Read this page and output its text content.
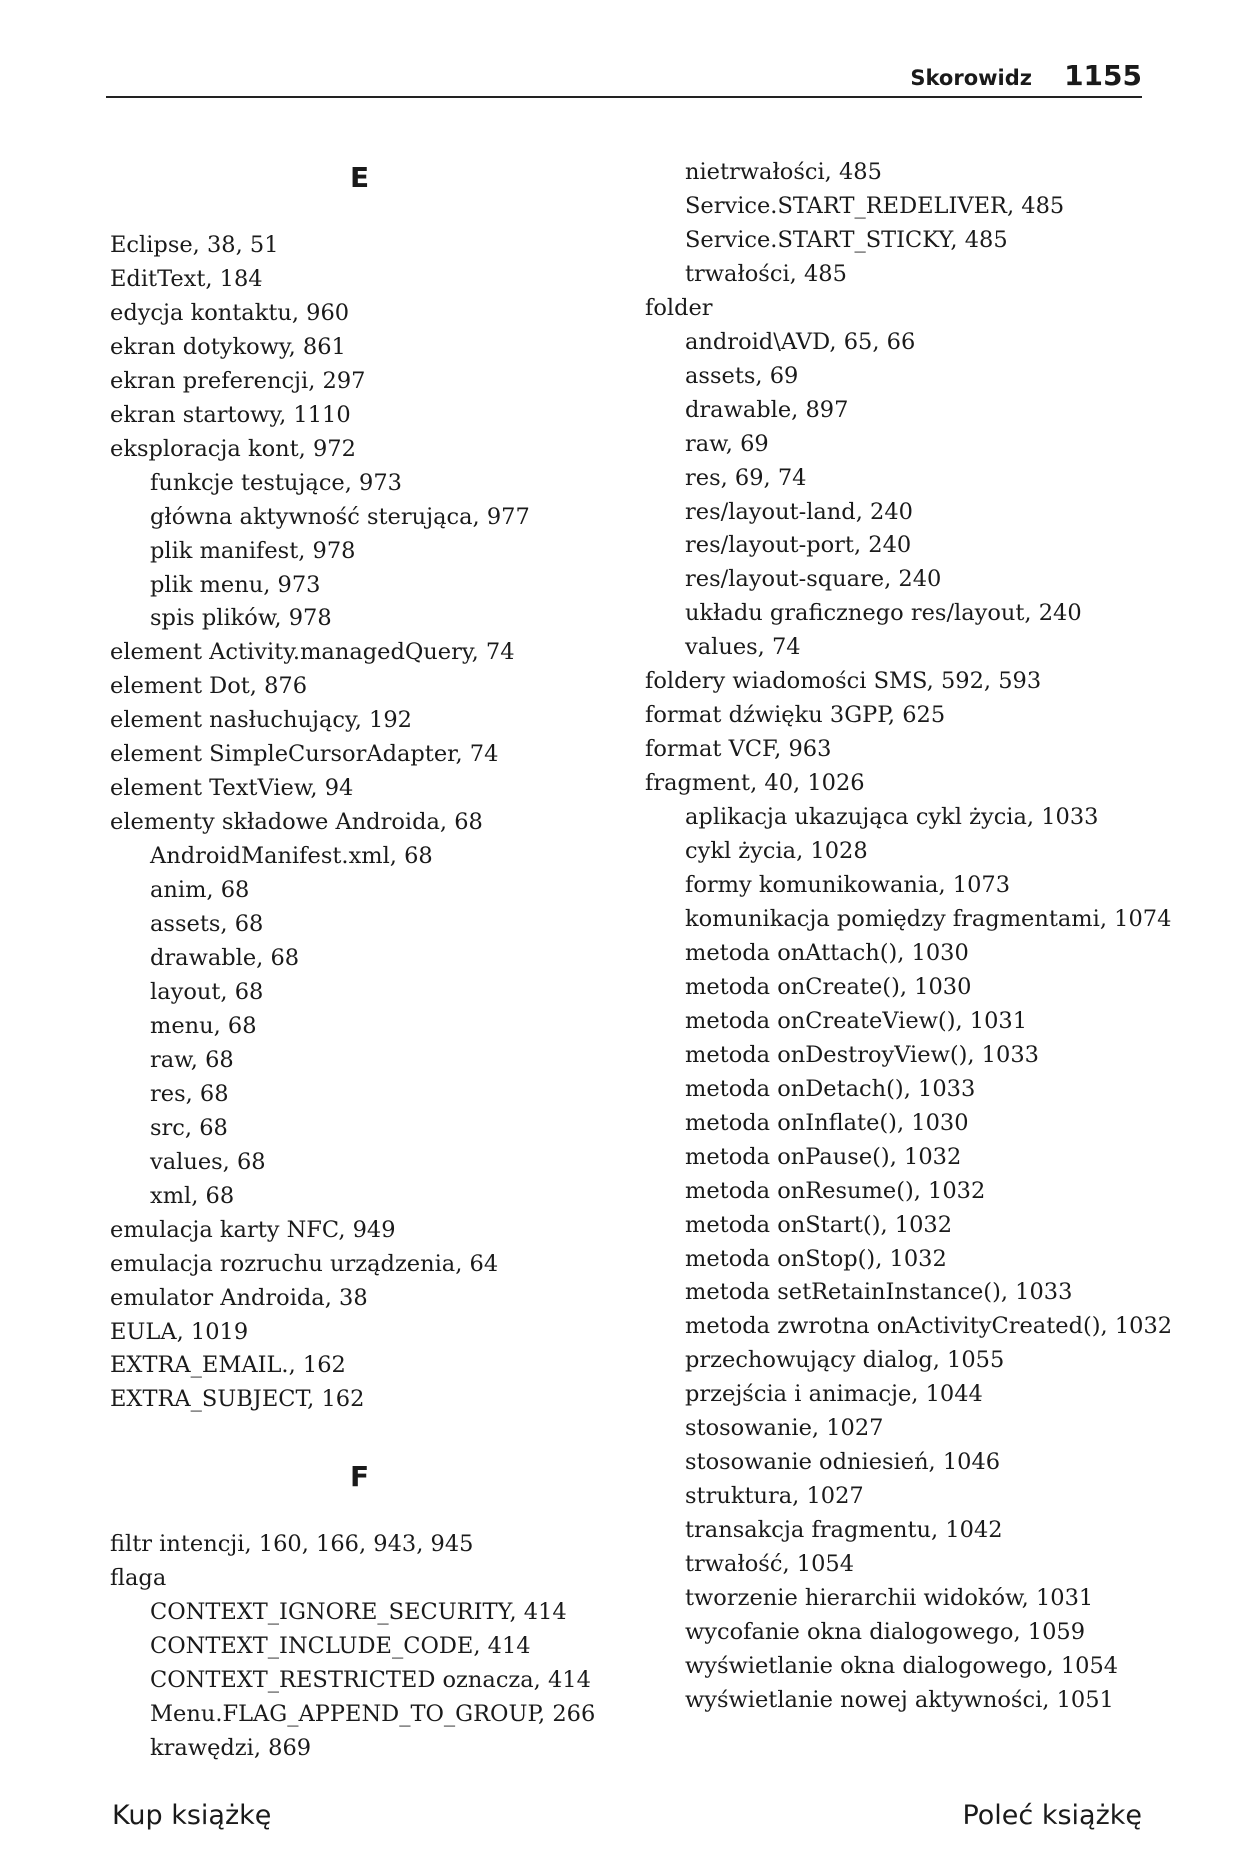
Skorowidz 1155
E
Eclipse, 38, 51
EditText, 184
edycja kontaktu, 960
ekran dotykowy, 861
ekran preferencji, 297
ekran startowy, 1110
eksploracja kont, 972
funkcje testujące, 973
główna aktywność sterująca, 977
plik manifest, 978
plik menu, 973
spis plików, 978
element Activity.managedQuery, 74
element Dot, 876
element nasłuchujący, 192
element SimpleCursorAdapter, 74
element TextView, 94
elementy składowe Androida, 68
AndroidManifest.xml, 68
anim, 68
assets, 68
drawable, 68
layout, 68
menu, 68
raw, 68
res, 68
src, 68
values, 68
xml, 68
emulacja karty NFC, 949
emulacja rozruchu urządzenia, 64
emulator Androida, 38
EULA, 1019
EXTRA_EMAIL., 162
EXTRA_SUBJECT, 162
F
filtr intencji, 160, 166, 943, 945
flaga
CONTEXT_IGNORE_SECURITY, 414
CONTEXT_INCLUDE_CODE, 414
CONTEXT_RESTRICTED oznacza, 414
Menu.FLAG_APPEND_TO_GROUP, 266
krawędzi, 869
nietrwałości, 485
Service.START_REDELIVER, 485
Service.START_STICKY, 485
trwałości, 485
folder
android\AVD, 65, 66
assets, 69
drawable, 897
raw, 69
res, 69, 74
res/layout-land, 240
res/layout-port, 240
res/layout-square, 240
układu graficznego res/layout, 240
values, 74
foldery wiadomości SMS, 592, 593
format dźwięku 3GPP, 625
format VCF, 963
fragment, 40, 1026
aplikacja ukazująca cykl życia, 1033
cykl życia, 1028
formy komunikowania, 1073
komunikacja pomiędzy fragmentami, 1074
metoda onAttach(), 1030
metoda onCreate(), 1030
metoda onCreateView(), 1031
metoda onDestroyView(), 1033
metoda onDetach(), 1033
metoda onInflate(), 1030
metoda onPause(), 1032
metoda onResume(), 1032
metoda onStart(), 1032
metoda onStop(), 1032
metoda setRetainInstance(), 1033
metoda zwrotna onActivityCreated(), 1032
przechowujący dialog, 1055
przejścia i animacje, 1044
stosowanie, 1027
stosowanie odniesień, 1046
struktura, 1027
transakcja fragmentu, 1042
trwałość, 1054
tworzenie hierarchii widoków, 1031
wycofanie okna dialogowego, 1059
wyświetlanie okna dialogowego, 1054
wyświetlanie nowej aktywności, 1051
Kup książkę	Poleć książkę
